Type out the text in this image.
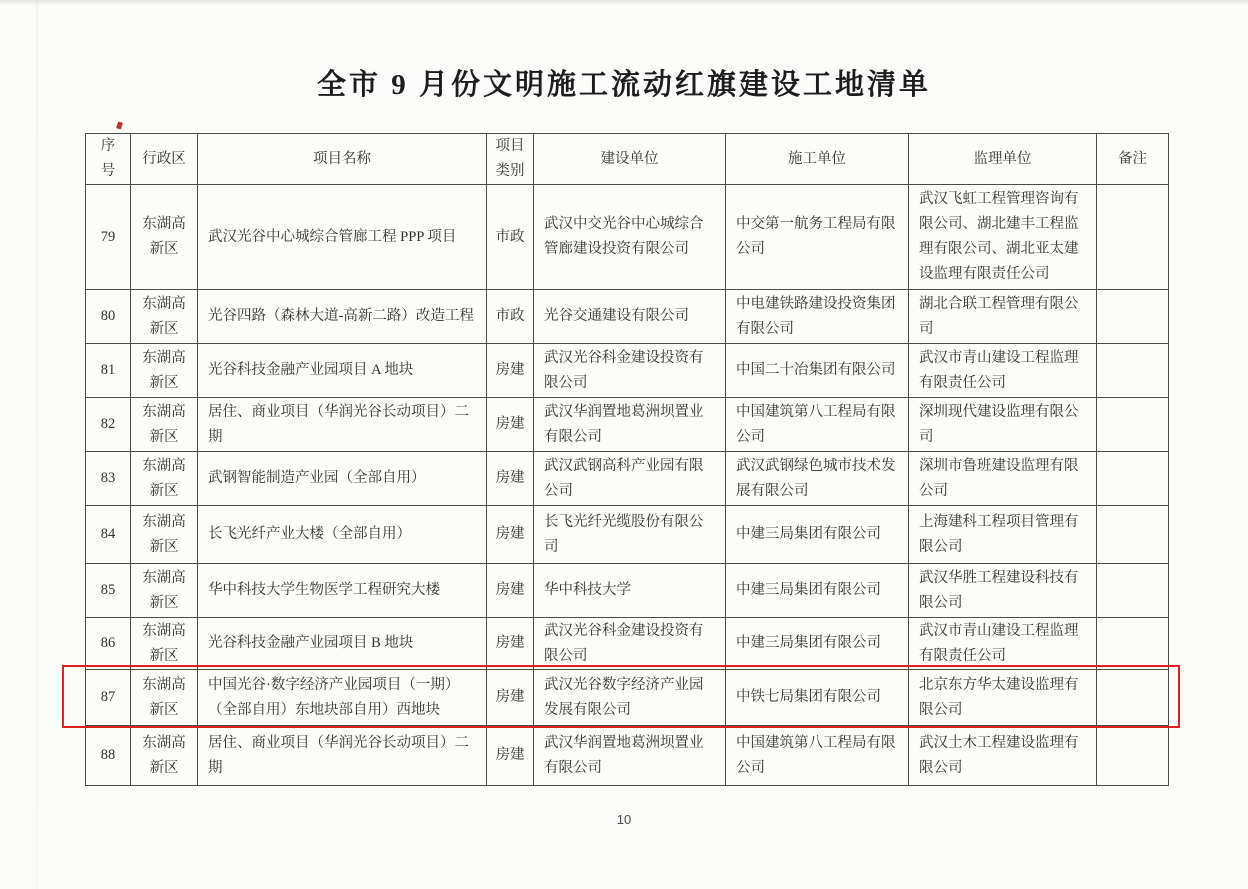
全市 9 月份文明施工流动红旗建设工地清单
序号	行政区	项目名称	项目类别	建设单位	施工单位	监理单位	备注
79	东湖高新区	武汉光谷中心城综合管廊工程 PPP 项目	市政	武汉中交光谷中心城综合管廊建设投资有限公司	中交第一航务工程局有限公司	武汉飞虹工程管理咨询有限公司、湖北建丰工程监理有限公司、湖北亚太建设监理有限责任公司	
80	东湖高新区	光谷四路（森林大道-高新二路）改造工程	市政	光谷交通建设有限公司	中电建铁路建设投资集团有限公司	湖北合联工程管理有限公司	
81	东湖高新区	光谷科技金融产业园项目 A 地块	房建	武汉光谷科金建设投资有限公司	中国二十冶集团有限公司	武汉市青山建设工程监理有限责任公司	
82	东湖高新区	居住、商业项目（华润光谷长动项目）二期	房建	武汉华润置地葛洲坝置业有限公司	中国建筑第八工程局有限公司	深圳现代建设监理有限公司	
83	东湖高新区	武钢智能制造产业园（全部自用）	房建	武汉武钢高科产业园有限公司	武汉武钢绿色城市技术发展有限公司	深圳市鲁班建设监理有限公司	
84	东湖高新区	长飞光纤产业大楼（全部自用）	房建	长飞光纤光缆股份有限公司	中建三局集团有限公司	上海建科工程项目管理有限公司	
85	东湖高新区	华中科技大学生物医学工程研究大楼	房建	华中科技大学	中建三局集团有限公司	武汉华胜工程建设科技有限公司	
86	东湖高新区	光谷科技金融产业园项目 B 地块	房建	武汉光谷科金建设投资有限公司	中建三局集团有限公司	武汉市青山建设工程监理有限责任公司	
87	东湖高新区	中国光谷·数字经济产业园项目（一期）（全部自用）东地块部自用）西地块	房建	武汉光谷数字经济产业园发展有限公司	中铁七局集团有限公司	北京东方华太建设监理有限公司	
88	东湖高新区	居住、商业项目（华润光谷长动项目）二期	房建	武汉华润置地葛洲坝置业有限公司	中国建筑第八工程局有限公司	武汉土木工程建设监理有限公司	
10
